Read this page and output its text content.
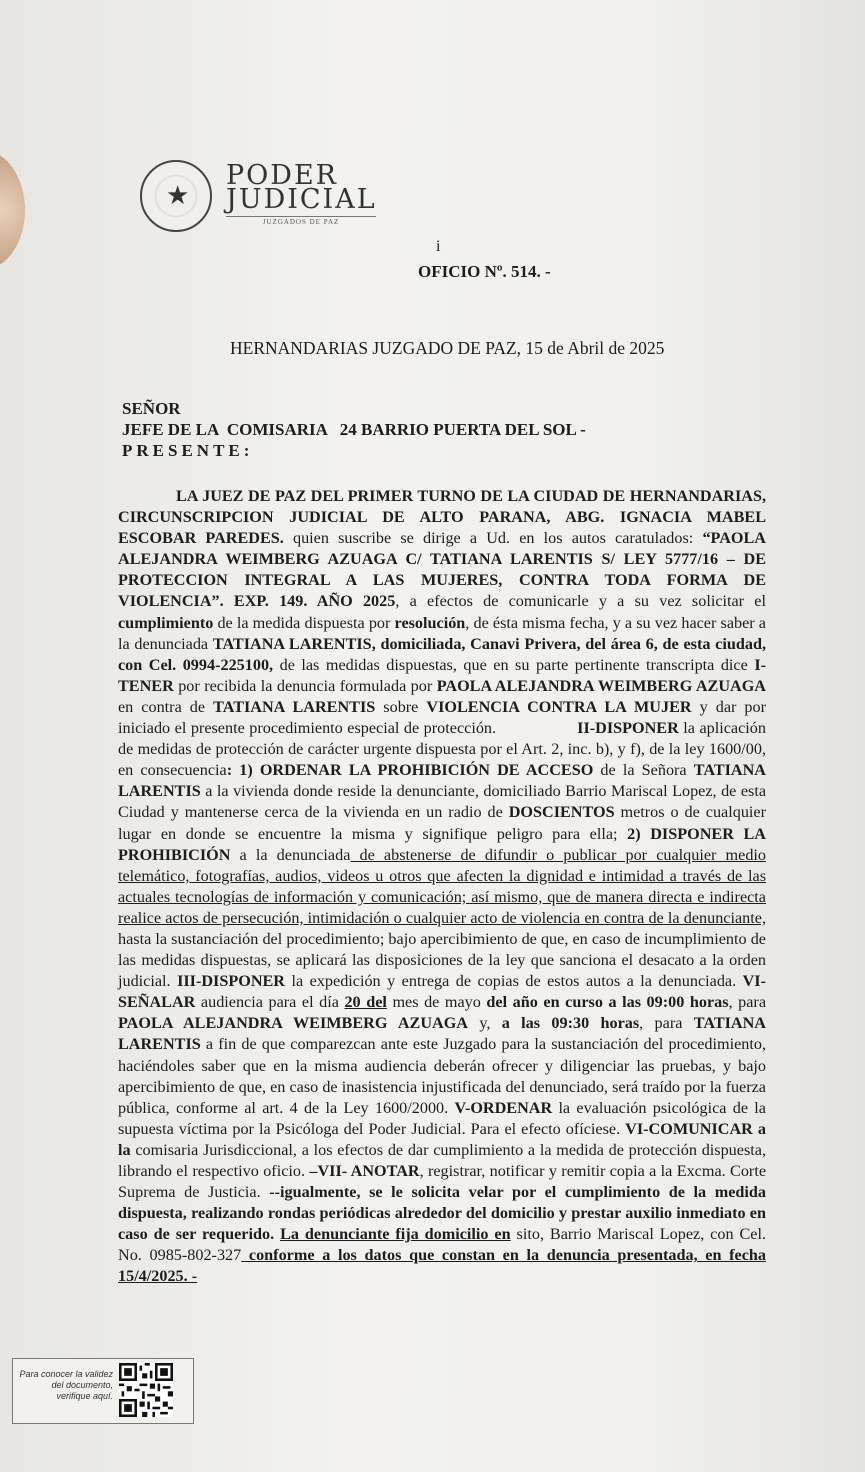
★
PODER
JUDICIAL
JUZGADOS DE PAZ
i
OFICIO Nº. 514. -
HERNANDARIAS JUZGADO DE PAZ, 15 de Abril de 2025
SEÑOR
JEFE DE LA  COMISARIA   24 BARRIO PUERTA DEL SOL -
PRESENTE:

LA JUEZ DE PAZ DEL PRIMER TURNO DE LA CIUDAD DE HERNANDARIAS, CIRCUNSCRIPCION JUDICIAL DE ALTO PARANA, ABG. IGNACIA MABEL ESCOBAR PAREDES. quien suscribe se dirige a Ud. en los autos caratulados: “PAOLA ALEJANDRA WEIMBERG AZUAGA C/ TATIANA LARENTIS S/ LEY 5777/16 – DE PROTECCION INTEGRAL A LAS MUJERES, CONTRA TODA FORMA DE VIOLENCIA”. EXP. 149. AÑO 2025, a efectos de comunicarle y a su vez solicitar el cumplimiento de la medida dispuesta por resolución, de ésta misma fecha, y a su vez hacer saber a la denunciada TATIANA LARENTIS, domiciliada, Canavi Privera, del área 6, de esta ciudad, con Cel. 0994-225100, de las medidas dispuestas, que en su parte pertinente transcripta dice I-TENER por recibida la denuncia formulada por PAOLA ALEJANDRA WEIMBERG AZUAGA en contra de TATIANA LARENTIS sobre VIOLENCIA CONTRA LA MUJER y dar por iniciado el presente procedimiento especial de protección.                  II-DISPONER la aplicación de medidas de protección de carácter urgente dispuesta por el Art. 2, inc. b), y f), de la ley 1600/00, en consecuencia: 1) ORDENAR LA PROHIBICIÓN DE ACCESO de la Señora TATIANA LARENTIS a la vivienda donde reside la denunciante, domiciliado Barrio Mariscal Lopez, de esta Ciudad y mantenerse cerca de la vivienda en un radio de DOSCIENTOS metros o de cualquier lugar en donde se encuentre la misma y signifique peligro para ella; 2) DISPONER LA PROHIBICIÓN a la denunciada de abstenerse de difundir o publicar por cualquier medio telemático, fotografías, audios, videos u otros que afecten la dignidad e intimidad a través de las actuales tecnologías de información y comunicación; así mismo, que de manera directa e indirecta realice actos de persecución, intimidación o cualquier acto de violencia en contra de la denunciante, hasta la sustanciación del procedimiento; bajo apercibimiento de que, en caso de incumplimiento de las medidas dispuestas, se aplicará las disposiciones de la ley que sanciona el desacato a la orden judicial. III-DISPONER la expedición y entrega de copias de estos autos a la denunciada. VI-SEÑALAR audiencia para el día 20 del mes de mayo del año en curso a las 09:00 horas, para PAOLA ALEJANDRA WEIMBERG AZUAGA y, a las 09:30 horas, para TATIANA LARENTIS a fin de que comparezcan ante este Juzgado para la sustanciación del procedimiento, haciéndoles saber que en la misma audiencia deberán ofrecer y diligenciar las pruebas, y bajo apercibimiento de que, en caso de inasistencia injustificada del denunciado, será traído por la fuerza pública, conforme al art. 4 de la Ley 1600/2000. V-ORDENAR la evaluación psicológica de la supuesta víctima por la Psicóloga del Poder Judicial. Para el efecto ofíciese. VI-COMUNICAR a la comisaria Jurisdiccional, a los efectos de dar cumplimiento a la medida de protección dispuesta, librando el respectivo oficio. –VII- ANOTAR, registrar, notificar y remitir copia a la Excma. Corte Suprema de Justicia. --igualmente, se le solicita velar por el cumplimiento de la medida dispuesta, realizando rondas periódicas alrededor del domicilio y prestar auxilio inmediato en caso de ser requerido. La denunciante fija domicilio en sito, Barrio Mariscal Lopez, con Cel. No. 0985-802-327 conforme a los datos que constan en la denuncia presentada, en fecha 15/4/2025. -

Para conocer la validez del documento, verifique aquí.
